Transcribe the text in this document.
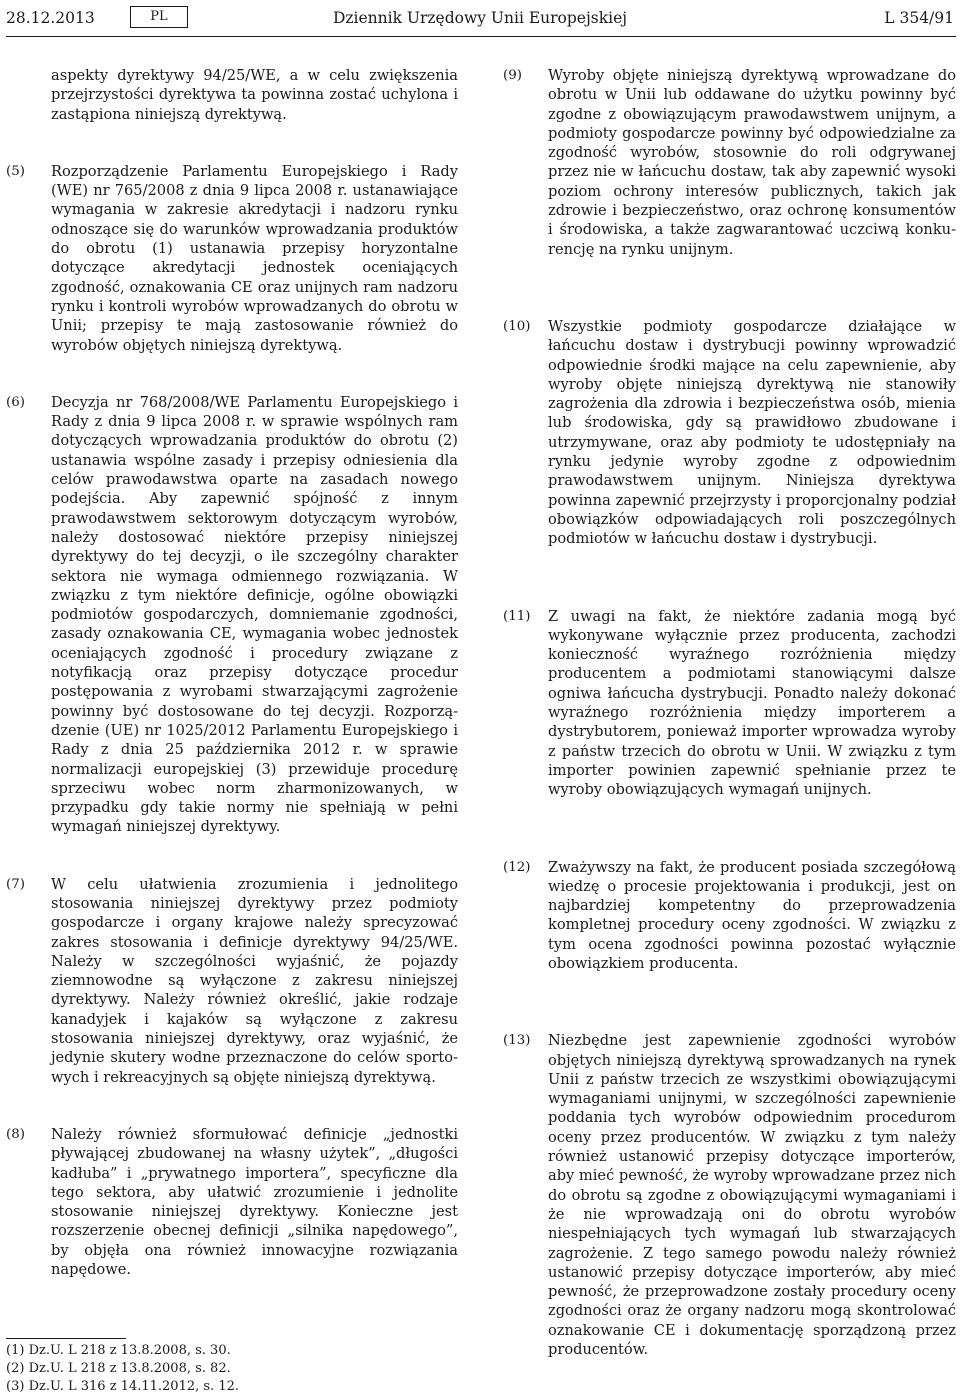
28.12.2013	PL	Dziennik Urzędowy Unii Europejskiej	L 354/91

aspekty dyrektywy 94/25/WE, a w celu zwiększenia przejrzystości dyrektywa ta powinna zostać uchylona i zastąpiona niniejszą dyrektywą.

(5)	Rozporządzenie Parlamentu Europejskiego i Rady (WE) nr 765/2008 z dnia 9 lipca 2008 r. ustanawiające wymagania w zakresie akredytacji i nadzoru rynku odnoszące się do warunków wprowadzania produktów do obrotu (1) ustanawia przepisy horyzontalne dotyczące akredytacji jednostek oceniających zgodność, oznakowania CE oraz unijnych ram nadzoru rynku i kontroli wyrobów wprowadzanych do obrotu w Unii; przepisy te mają zastosowanie również do wyrobów objętych niniejszą dyrektywą.
(6)	Decyzja nr 768/2008/WE Parlamentu Europejskiego i Rady z dnia 9 lipca 2008 r. w sprawie wspólnych ram dotyczących wprowadzania produktów do obrotu (2) ustanawia wspólne zasady i przepisy odniesienia dla celów prawodawstwa oparte na zasadach nowego podejścia. Aby zapewnić spójność z innym prawodawstwem sektorowym dotyczącym wyrobów, należy dostosować niektóre przepisy niniejszej dyrektywy do tej decyzji, o ile szczególny charakter sektora nie wymaga odmiennego rozwiązania. W związku z tym niektóre definicje, ogólne obowiązki podmiotów gospodarczych, domniemanie zgodności, zasady oznakowania CE, wymagania wobec jednostek oceniających zgodność i procedury związane z notyfikacją oraz przepisy dotyczące procedur postępowania z wyrobami stwarzającymi zagrożenie powinny być dostosowane do tej decyzji. Rozporządzenie (UE) nr 1025/2012 Parlamentu Europejskiego i Rady z dnia 25 października 2012 r. w sprawie normalizacji europejskiej (3) przewiduje procedurę sprzeciwu wobec norm zharmonizowanych, w przypadku gdy takie normy nie spełniają w pełni wymagań niniejszej dyrektywy.
(7)	W celu ułatwienia zrozumienia i jednolitego stosowania niniejszej dyrektywy przez podmioty gospodarcze i organy krajowe należy sprecyzować zakres stosowania i definicje dyrektywy 94/25/WE. Należy w szczególności wyjaśnić, że pojazdy ziemnowodne są wyłączone z zakresu niniejszej dyrektywy. Należy również określić, jakie rodzaje kanadyjek i kajaków są wyłączone z zakresu stosowania niniejszej dyrektywy, oraz wyjaśnić, że jedynie skutery wodne przeznaczone do celów sportowych i rekreacyjnych są objęte niniejszą dyrektywą.
(8)	Należy również sformułować definicje „jednostki pływającej zbudowanej na własny użytek”, „długości kadłuba” i „prywatnego importera”, specyficzne dla tego sektora, aby ułatwić zrozumienie i jednolite stosowanie niniejszej dyrektywy. Konieczne jest rozszerzenie obecnej definicji „silnika napędowego”, by objęła ona również innowacyjne rozwiązania napędowe.
(9)	Wyroby objęte niniejszą dyrektywą wprowadzane do obrotu w Unii lub oddawane do użytku powinny być zgodne z obowiązującym prawodawstwem unijnym, a podmioty gospodarcze powinny być odpowiedzialne za zgodność wyrobów, stosownie do roli odgrywanej przez nie w łańcuchu dostaw, tak aby zapewnić wysoki poziom ochrony interesów publicznych, takich jak zdrowie i bezpieczeństwo, oraz ochronę konsumentów i środowiska, a także zagwarantować uczciwą konkurencję na rynku unijnym.
(10)	Wszystkie podmioty gospodarcze działające w łańcuchu dostaw i dystrybucji powinny wprowadzić odpowiednie środki mające na celu zapewnienie, aby wyroby objęte niniejszą dyrektywą nie stanowiły zagrożenia dla zdrowia i bezpieczeństwa osób, mienia lub środowiska, gdy są prawidłowo zbudowane i utrzymywane, oraz aby podmioty te udostępniały na rynku jedynie wyroby zgodne z odpowiednim prawodawstwem unijnym. Niniejsza dyrektywa powinna zapewnić przejrzysty i proporcjonalny podział obowiązków odpowiadających roli poszczególnych podmiotów w łańcuchu dostaw i dystrybucji.
(11)	Z uwagi na fakt, że niektóre zadania mogą być wykonywane wyłącznie przez producenta, zachodzi konieczność wyraźnego rozróżnienia między producentem a podmiotami stanowiącymi dalsze ogniwa łańcucha dystrybucji. Ponadto należy dokonać wyraźnego rozróżnienia między importerem a dystrybutorem, ponieważ importer wprowadza wyroby z państw trzecich do obrotu w Unii. W związku z tym importer powinien zapewnić spełnianie przez te wyroby obowiązujących wymagań unijnych.
(12)	Zważywszy na fakt, że producent posiada szczegółową wiedzę o procesie projektowania i produkcji, jest on najbardziej kompetentny do przeprowadzenia kompletnej procedury oceny zgodności. W związku z tym ocena zgodności powinna pozostać wyłącznie obowiązkiem producenta.
(13)	Niezbędne jest zapewnienie zgodności wyrobów objętych niniejszą dyrektywą sprowadzanych na rynek Unii z państw trzecich ze wszystkimi obowiązującymi wymaganiami unijnymi, w szczególności zapewnienie poddania tych wyrobów odpowiednim procedurom oceny przez producentów. W związku z tym należy również ustanowić przepisy dotyczące importerów, aby mieć pewność, że wyroby wprowadzane przez nich do obrotu są zgodne z obowiązującymi wymaganiami i że nie wprowadzają oni do obrotu wyrobów niespełniających tych wymagań lub stwarzających zagrożenie. Z tego samego powodu należy również ustanowić przepisy dotyczące importerów, aby mieć pewność, że przeprowadzone zostały procedury oceny zgodności oraz że organy nadzoru mogą skontrolować oznakowanie CE i dokumentację sporządzoną przez producentów.
(1) Dz.U. L 218 z 13.8.2008, s. 30.
(2) Dz.U. L 218 z 13.8.2008, s. 82.
(3) Dz.U. L 316 z 14.11.2012, s. 12.
